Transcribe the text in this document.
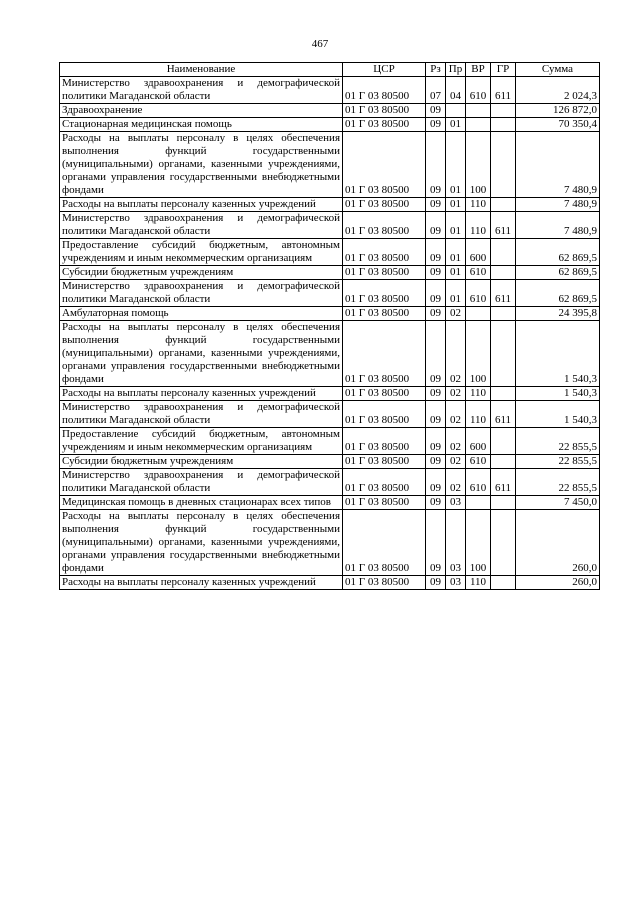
467
Наименование	ЦСР	Рз	Пр	ВР	ГР	Сумма
Министерство здравоохранения и демографической политики Магаданской области	01 Г 03 80500	07	04	610	611	2 024,3
Здравоохранение	01 Г 03 80500	09				126 872,0
Стационарная медицинская помощь	01 Г 03 80500	09	01			70 350,4
Расходы на выплаты персоналу в целях обеспечения выполнения функций государственными (муниципальными) органами, казенными учреждениями, органами управления государственными внебюджетными фондами	01 Г 03 80500	09	01	100		7 480,9
Расходы на выплаты персоналу казенных учреждений	01 Г 03 80500	09	01	110		7 480,9
Министерство здравоохранения и демографической политики Магаданской области	01 Г 03 80500	09	01	110	611	7 480,9
Предоставление субсидий бюджетным, автономным учреждениям и иным некоммерческим организациям	01 Г 03 80500	09	01	600		62 869,5
Субсидии бюджетным учреждениям	01 Г 03 80500	09	01	610		62 869,5
Министерство здравоохранения и демографической политики Магаданской области	01 Г 03 80500	09	01	610	611	62 869,5
Амбулаторная помощь	01 Г 03 80500	09	02			24 395,8
Расходы на выплаты персоналу в целях обеспечения выполнения функций государственными (муниципальными) органами, казенными учреждениями, органами управления государственными внебюджетными фондами	01 Г 03 80500	09	02	100		1 540,3
Расходы на выплаты персоналу казенных учреждений	01 Г 03 80500	09	02	110		1 540,3
Министерство здравоохранения и демографической политики Магаданской области	01 Г 03 80500	09	02	110	611	1 540,3
Предоставление субсидий бюджетным, автономным учреждениям и иным некоммерческим организациям	01 Г 03 80500	09	02	600		22 855,5
Субсидии бюджетным учреждениям	01 Г 03 80500	09	02	610		22 855,5
Министерство здравоохранения и демографической политики Магаданской области	01 Г 03 80500	09	02	610	611	22 855,5
Медицинская помощь в дневных стационарах всех типов	01 Г 03 80500	09	03			7 450,0
Расходы на выплаты персоналу в целях обеспечения выполнения функций государственными (муниципальными) органами, казенными учреждениями, органами управления государственными внебюджетными фондами	01 Г 03 80500	09	03	100		260,0
Расходы на выплаты персоналу казенных учреждений	01 Г 03 80500	09	03	110		260,0
